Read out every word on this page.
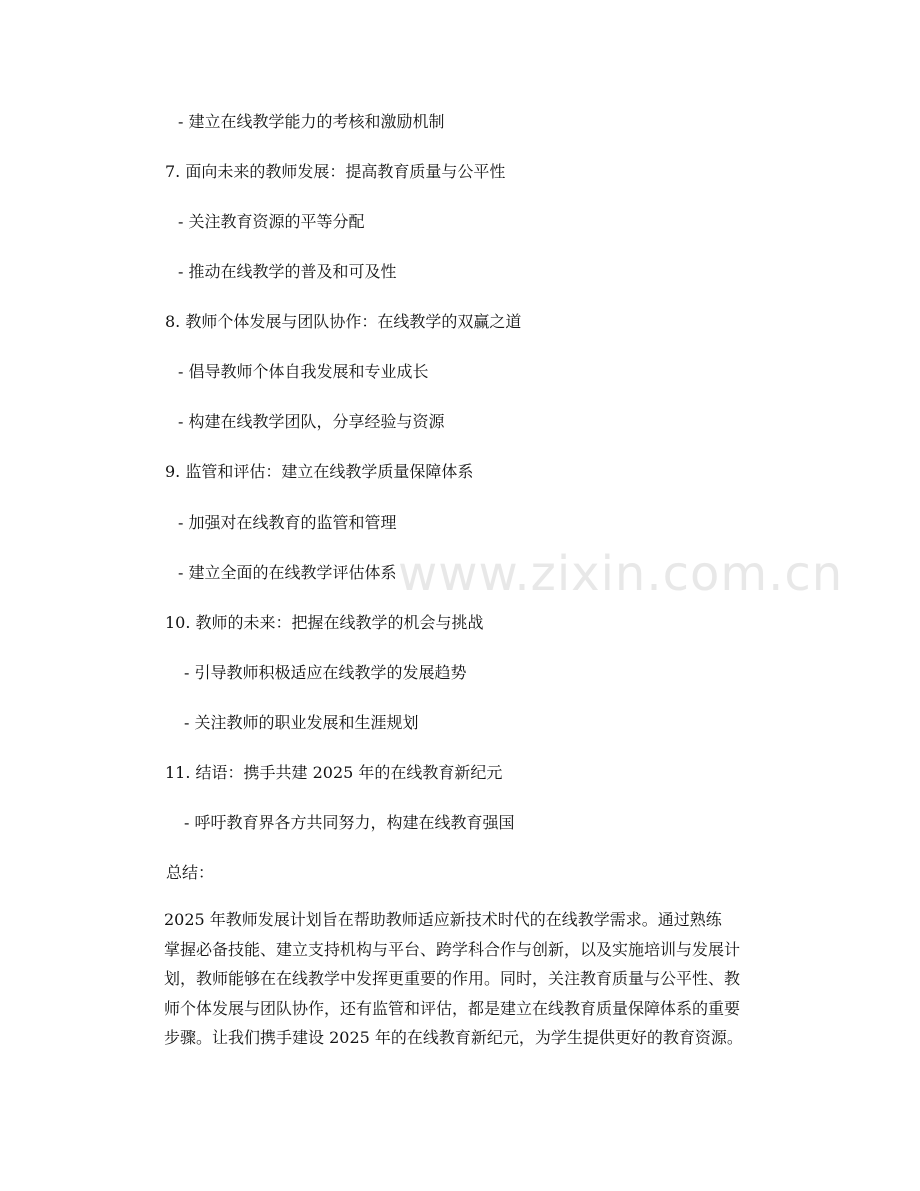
- 建立在线教学能力的考核和激励机制
7. 面向未来的教师发展：提高教育质量与公平性
- 关注教育资源的平等分配
- 推动在线教学的普及和可及性
8. 教师个体发展与团队协作：在线教学的双赢之道
- 倡导教师个体自我发展和专业成长
- 构建在线教学团队，分享经验与资源
9. 监管和评估：建立在线教学质量保障体系
- 加强对在线教育的监管和管理
- 建立全面的在线教学评估体系
10. 教师的未来：把握在线教学的机会与挑战
- 引导教师积极适应在线教学的发展趋势
- 关注教师的职业发展和生涯规划
11. 结语：携手共建 2025 年的在线教育新纪元
- 呼吁教育界各方共同努力，构建在线教育强国
总结：
2025 年教师发展计划旨在帮助教师适应新技术时代的在线教学需求。通过熟练
掌握必备技能、建立支持机构与平台、跨学科合作与创新，以及实施培训与发展计
划，教师能够在在线教学中发挥更重要的作用。同时，关注教育质量与公平性、教
师个体发展与团队协作，还有监管和评估，都是建立在线教育质量保障体系的重要
步骤。让我们携手建设 2025 年的在线教育新纪元，为学生提供更好的教育资源。
www.zixin.com.cn
